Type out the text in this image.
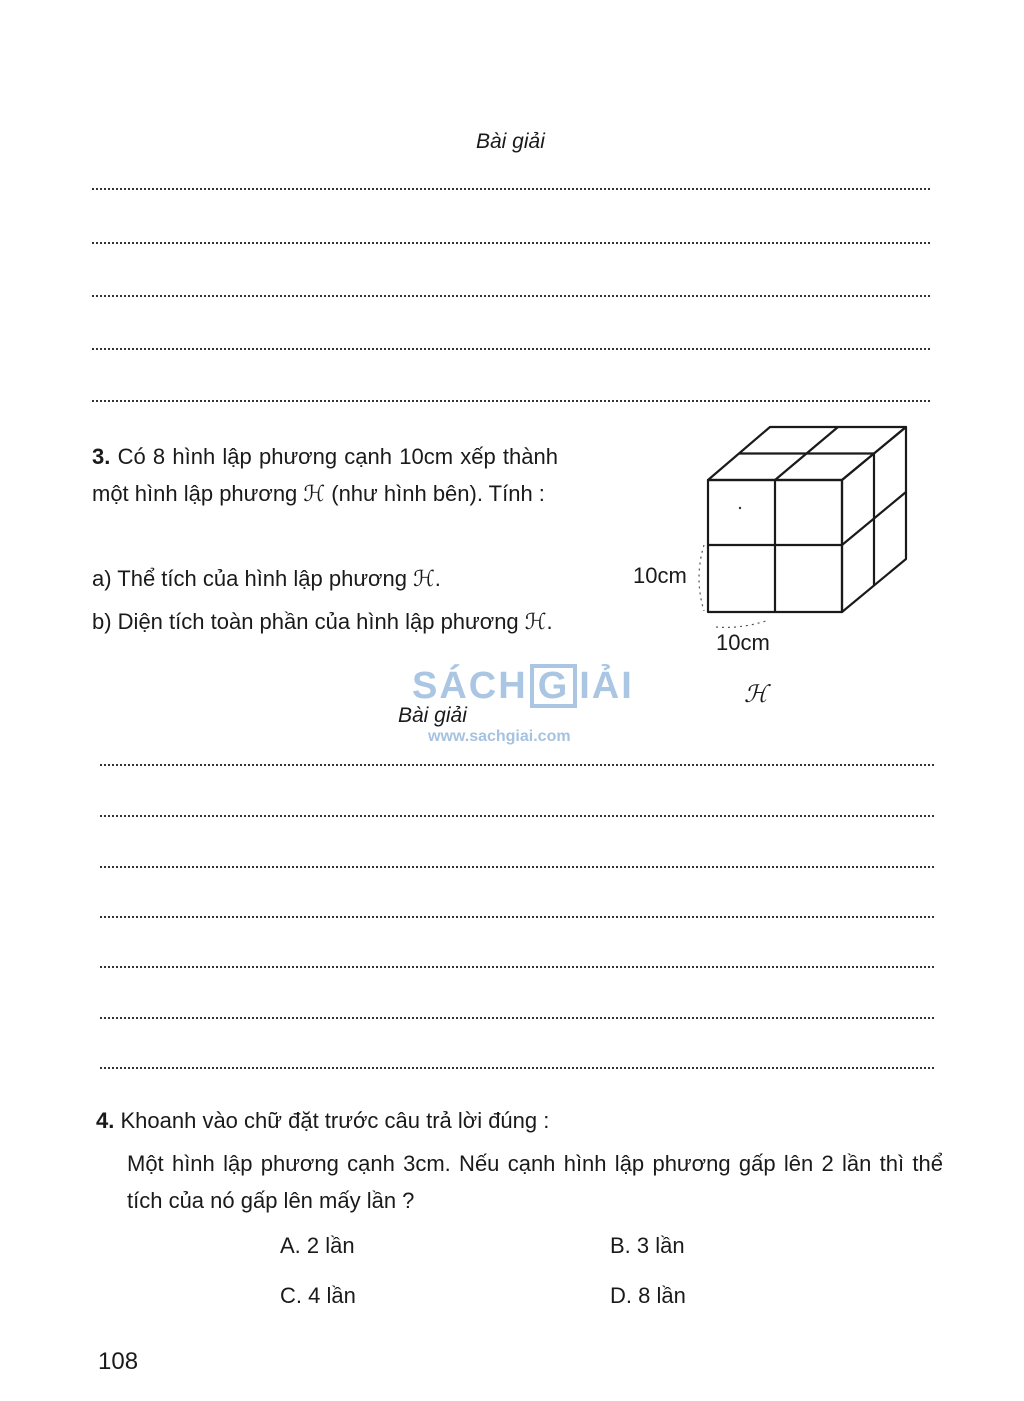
Bài giải
3. Có 8 hình lập phương cạnh 10cm xếp thành một hình lập phương ℋ (như hình bên). Tính :
a) Thể tích của hình lập phương ℋ.
b) Diện tích toàn phần của hình lập phương ℋ.
10cm
10cm
ℋ
SÁCH G IẢI
www.sachgiai.com
Bài giải
4. Khoanh vào chữ đặt trước câu trả lời đúng :
Một hình lập phương cạnh 3cm. Nếu cạnh hình lập phương gấp lên 2 lần thì thể tích của nó gấp lên mấy lần ?
A. 2 lần	B. 3 lần
C. 4 lần	D. 8 lần
108
